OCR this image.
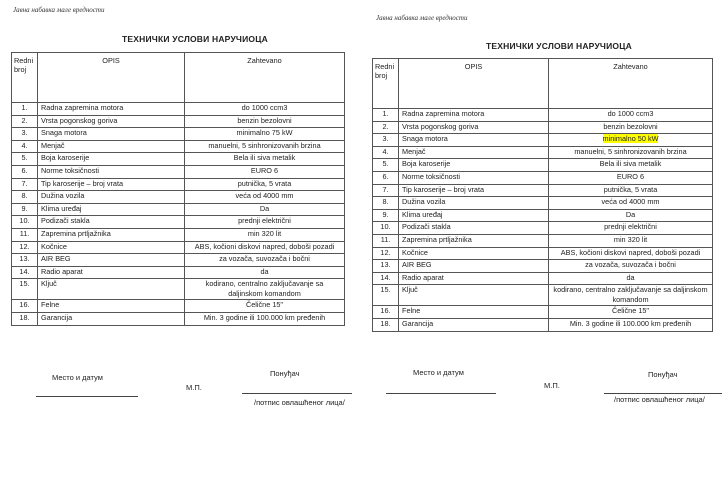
Јавна набавка мале вредности
ТЕХНИЧКИ УСЛОВИ НАРУЧИОЦА
Redni broj	OPIS	Zahtevano
1.	Radna zapremina motora	do 1000 ccm3
2.	Vrsta pogonskog goriva	benzin bezolovni
3.	Snaga motora	minimalno 75 kW
4.	Menjač	manuelni, 5 sinhronizovanih brzina
5.	Boja karoserije	Bela ili siva metalik
6.	Norme toksičnosti	EURO 6
7.	Tip karoserije – broj vrata	putnička, 5 vrata
8.	Dužina vozila	veća od 4000 mm
9.	Klima uređaj	Da
10.	Podizači stakla	prednji električni
11.	Zapremina prtljažnika	min 320 lit
12.	Kočnice	ABS, kočioni diskovi napred, doboši pozadi
13.	AIR BEG	za vozača, suvozača i bočni
14.	Radio aparat	da
15.	Ključ	kodirano, centralno zaključavanje sa daljinskom komandom
16.	Felne	Čelične 15"
18.	Garancija	Min. 3 godine ili 100.000 km pređenih
Место и датум
М.П.
Понуђач
/потпис овлашћеног лица/
Јавна набавка мале вредности
ТЕХНИЧКИ УСЛОВИ НАРУЧИОЦА
Redni broj	OPIS	Zahtevano
1.	Radna zapremina motora	do 1000 ccm3
2.	Vrsta pogonskog goriva	benzin bezolovni
3.	Snaga motora	minimalno 50 kW
4.	Menjač	manuelni, 5 sinhronizovanih brzina
5.	Boja karoserije	Bela ili siva metalik
6.	Norme toksičnosti	EURO 6
7.	Tip karoserije – broj vrata	putnička, 5 vrata
8.	Dužina vozila	veća od 4000 mm
9.	Klima uređaj	Da
10.	Podizači stakla	prednji električni
11.	Zapremina prtljažnika	min 320 lit
12.	Kočnice	ABS, kočioni diskovi napred, doboši pozadi
13.	AIR BEG	za vozača, suvozača i bočni
14.	Radio aparat	da
15.	Ključ	kodirano, centralno zaključavanje sa daljinskom komandom
16.	Felne	Čelične 15"
18.	Garancija	Min. 3 godine ili 100.000 km pređenih
Место и датум
М.П.
Понуђач
/потпис овлашћеног лица/
